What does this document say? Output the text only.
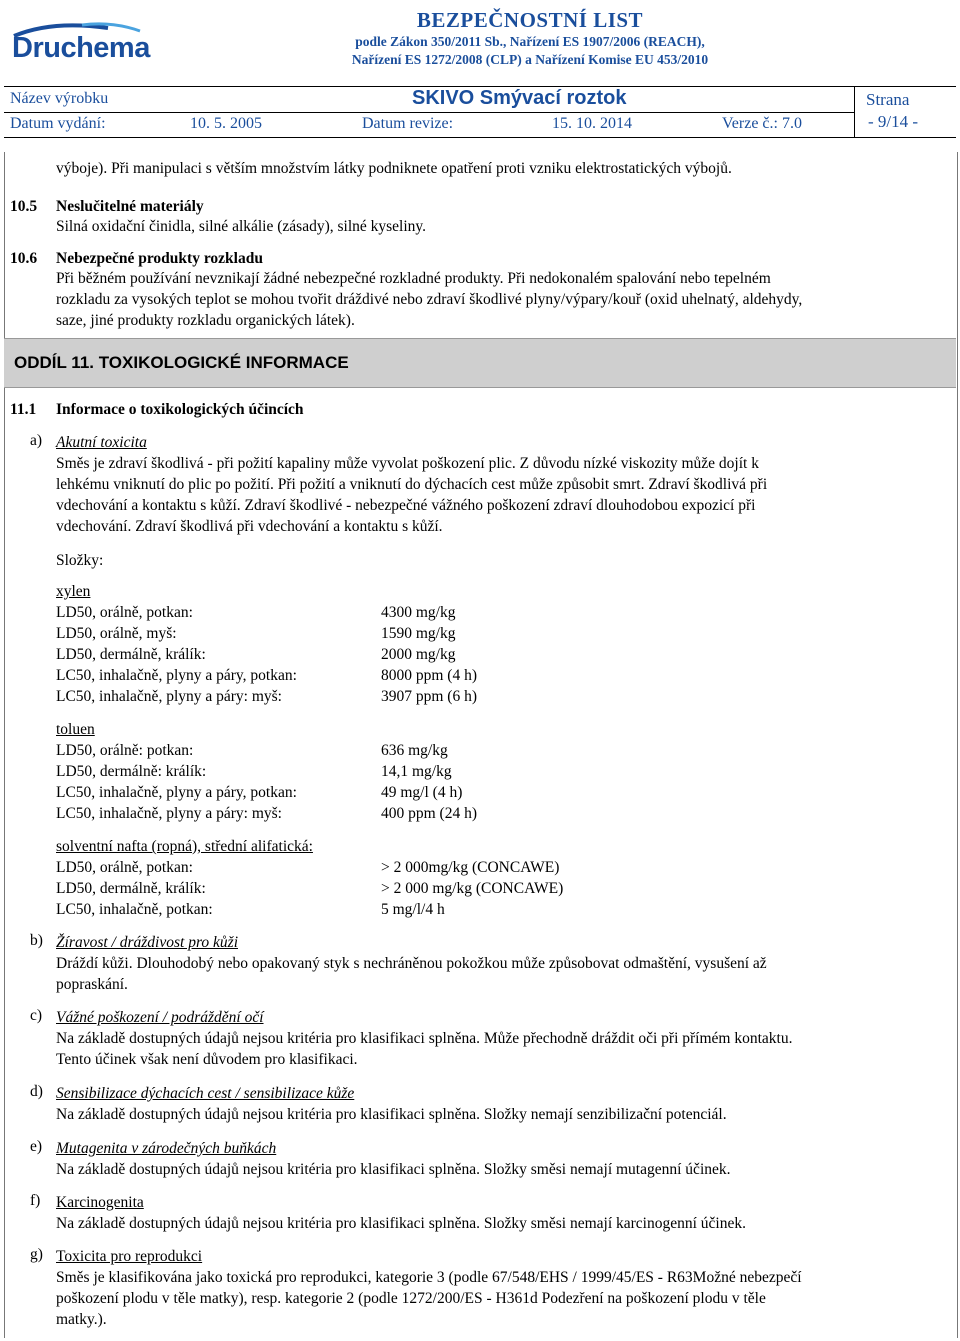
Druchema
BEZPEČNOSTNÍ LIST
podle Zákon 350/2011 Sb., Nařízení ES 1907/2006 (REACH),
Nařízení ES 1272/2008 (CLP) a Nařízení Komise EU 453/2010
Název výrobku	SKIVO Smývací roztok	Strana
Datum vydání:	10. 5. 2005	Datum revize:	15. 10. 2014	Verze č.: 7.0	- 9/14 -
výboje). Při manipulaci s větším množstvím látky podniknete opatření proti vzniku elektrostatických výbojů.
10.5 Neslučitelné materiály
Silná oxidační činidla, silné alkálie (zásady), silné kyseliny.
10.6 Nebezpečné produkty rozkladu
Při běžném používání nevznikají žádné nebezpečné rozkladné produkty. Při nedokonalém spalování nebo tepelném
rozkladu za vysokých teplot se mohou tvořit dráždivé nebo zdraví škodlivé plyny/výpary/kouř (oxid uhelnatý, aldehydy,
saze, jiné produkty rozkladu organických látek).
ODDÍL 11. TOXIKOLOGICKÉ INFORMACE
11.1 Informace o toxikologických účincích
a) Akutní toxicita
Směs je zdraví škodlivá - při požití kapaliny může vyvolat poškození plic. Z důvodu nízké viskozity může dojít k
lehkému vniknutí do plic po požití. Při požití a vniknutí do dýchacích cest může způsobit smrt. Zdraví škodlivá při
vdechování a kontaktu s kůží. Zdraví škodlivé - nebezpečné vážného poškození zdraví dlouhodobou expozicí při
vdechování. Zdraví škodlivá při vdechování a kontaktu s kůží.
Složky:
xylen
LD50, orálně, potkan:	4300 mg/kg
LD50, orálně, myš:	1590 mg/kg
LD50, dermálně, králík:	2000 mg/kg
LC50, inhalačně, plyny a páry, potkan:	8000 ppm (4 h)
LC50, inhalačně, plyny a páry: myš:	3907 ppm (6 h)
toluen
LD50, orálně: potkan:	636 mg/kg
LD50, dermálně: králík:	14,1 mg/kg
LC50, inhalačně, plyny a páry, potkan:	49 mg/l (4 h)
LC50, inhalačně, plyny a páry: myš:	400 ppm (24 h)
solventní nafta (ropná), střední alifatická:
LD50, orálně, potkan:	> 2 000mg/kg (CONCAWE)
LD50, dermálně, králík:	> 2 000 mg/kg (CONCAWE)
LC50, inhalačně, potkan:	5 mg/l/4 h
b) Žíravost / dráždivost pro kůži
Dráždí kůži. Dlouhodobý nebo opakovaný styk s nechráněnou pokožkou může způsobovat odmaštění, vysušení až
popraskání.
c) Vážné poškození / podráždění očí
Na základě dostupných údajů nejsou kritéria pro klasifikaci splněna. Může přechodně dráždit oči při přímém kontaktu.
Tento účinek však není důvodem pro klasifikaci.
d) Sensibilizace dýchacích cest / sensibilizace kůže
Na základě dostupných údajů nejsou kritéria pro klasifikaci splněna. Složky nemají senzibilizační potenciál.
e) Mutagenita v zárodečných buňkách
Na základě dostupných údajů nejsou kritéria pro klasifikaci splněna. Složky směsi nemají mutagenní účinek.
f) Karcinogenita
Na základě dostupných údajů nejsou kritéria pro klasifikaci splněna. Složky směsi nemají karcinogenní účinek.
g) Toxicita pro reprodukci
Směs je klasifikována jako toxická pro reprodukci, kategorie 3 (podle 67/548/EHS / 1999/45/ES - R63Možné nebezpečí
poškození plodu v těle matky), resp. kategorie 2 (podle 1272/200/ES - H361d Podezření na poškození plodu v těle
matky.).
